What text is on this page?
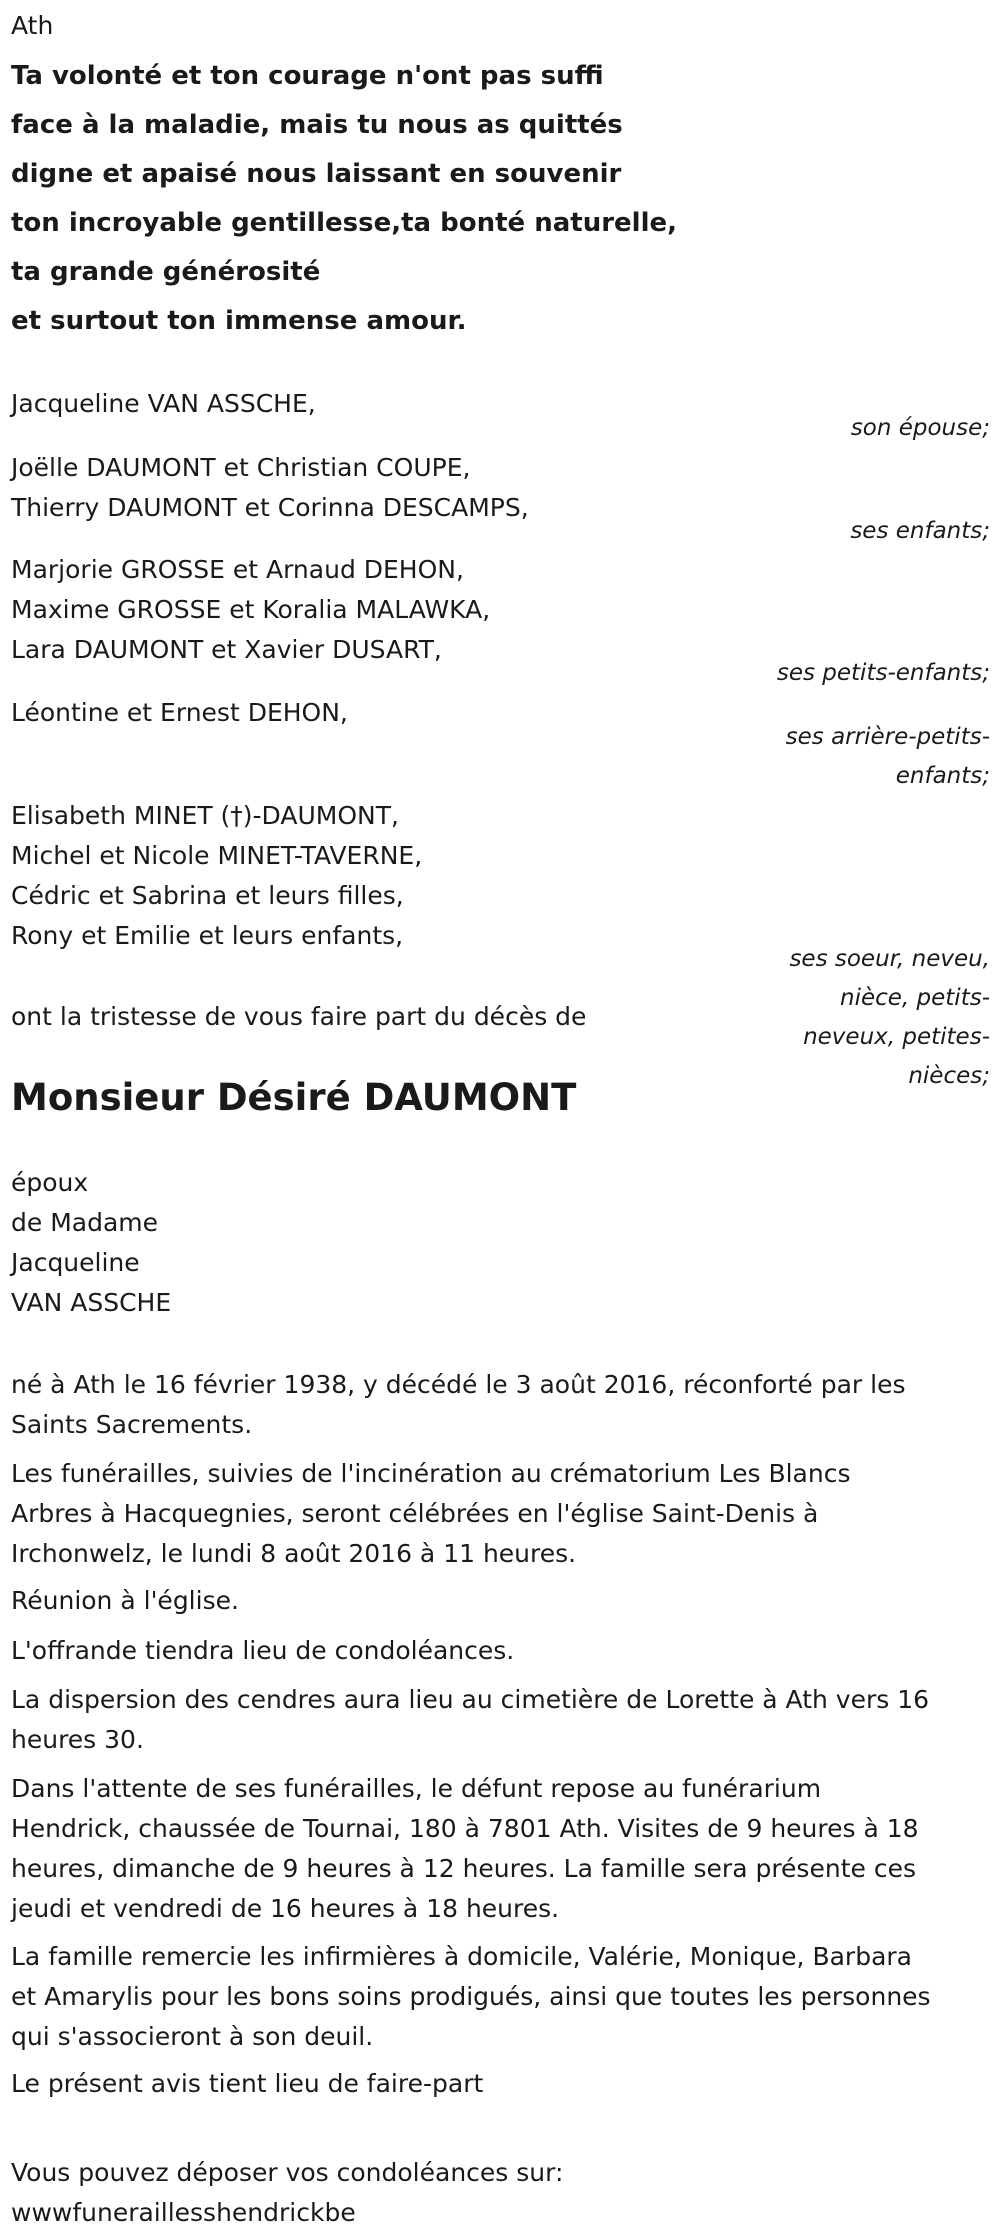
Ath
Ta volonté et ton courage n'ont pas suffi
face à la maladie, mais tu nous as quittés
digne et apaisé nous laissant en souvenir
ton incroyable gentillesse,ta bonté naturelle,
ta grande générosité
et surtout ton immense amour.
Jacqueline VAN ASSCHE,
son épouse;
Joëlle DAUMONT et Christian COUPE,
Thierry DAUMONT et Corinna DESCAMPS,
ses enfants;
Marjorie GROSSE et Arnaud DEHON,
Maxime GROSSE et Koralia MALAWKA,
Lara DAUMONT et Xavier DUSART,
ses petits-enfants;
Léontine et Ernest DEHON,
ses arrière-petits-
enfants;
Elisabeth MINET (†)-DAUMONT,
Michel et Nicole MINET-TAVERNE,
Cédric et Sabrina et leurs filles,
Rony et Emilie et leurs enfants,
ses soeur, neveu,
nièce, petits-
neveux, petites-
nièces;
ont la tristesse de vous faire part du décès de
Monsieur Désiré DAUMONT
époux
de Madame
Jacqueline
VAN ASSCHE
né à Ath le 16 février 1938, y décédé le 3 août 2016, réconforté par les
Saints Sacrements.
Les funérailles, suivies de l'incinération au crématorium Les Blancs
Arbres à Hacquegnies, seront célébrées en l'église Saint-Denis à
Irchonwelz, le lundi 8 août 2016 à 11 heures.
Réunion à l'église.
L'offrande tiendra lieu de condoléances.
La dispersion des cendres aura lieu au cimetière de Lorette à Ath vers 16
heures 30.
Dans l'attente de ses funérailles, le défunt repose au funérarium
Hendrick, chaussée de Tournai, 180 à 7801 Ath. Visites de 9 heures à 18
heures, dimanche de 9 heures à 12 heures. La famille sera présente ces
jeudi et vendredi de 16 heures à 18 heures.
La famille remercie les infirmières à domicile, Valérie, Monique, Barbara
et Amarylis pour les bons soins prodigués, ainsi que toutes les personnes
qui s'associeront à son deuil.
Le présent avis tient lieu de faire-part
Vous pouvez déposer vos condoléances sur:
wwwfuneraillesshendrickbe
